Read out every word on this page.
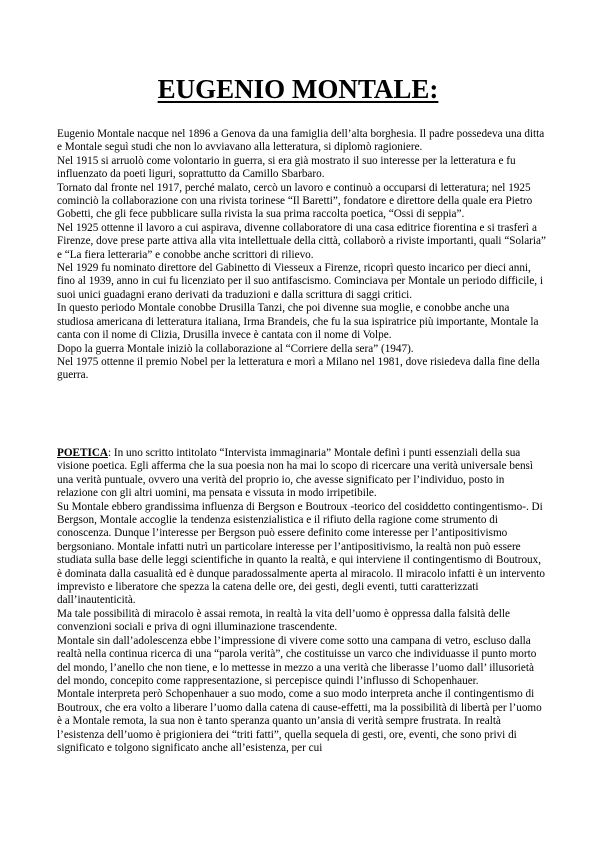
EUGENIO MONTALE:

Eugenio Montale nacque nel 1896 a Genova da una famiglia dell’alta borghesia. Il padre possedeva una ditta e Montale seguì studi che non lo avviavano alla letteratura, si diplomò ragioniere.

Nel 1915 si arruolò come volontario in guerra, si era già mostrato il suo interesse per la letteratura e fu influenzato da poeti liguri, soprattutto da Camillo Sbarbaro.

Tornato dal fronte nel 1917, perché malato, cercò un lavoro e continuò a occuparsi di letteratura; nel 1925 cominciò la collaborazione con una rivista torinese “Il Baretti”, fondatore e direttore della quale era Pietro Gobetti, che gli fece pubblicare sulla rivista la sua prima raccolta poetica, “Ossi di seppia”.

Nel 1925 ottenne il lavoro a cui aspirava, divenne collaboratore di una casa editrice fiorentina e si trasferì a Firenze, dove prese parte attiva alla vita intellettuale della città, collaborò a riviste importanti, quali “Solaria” e “La fiera letteraria” e conobbe anche scrittori di rilievo.

Nel 1929 fu nominato direttore del Gabinetto di Viesseux a Firenze, ricoprì questo incarico per dieci anni, fino al 1939, anno in cui fu licenziato per il suo antifascismo. Cominciava per Montale un periodo difficile, i suoi unici guadagni erano derivati da traduzioni e dalla scrittura di saggi critici.

In questo periodo Montale conobbe Drusilla Tanzi, che poi divenne sua moglie, e conobbe anche una studiosa americana di letteratura italiana, Irma Brandeis, che fu la sua ispiratrice più importante, Montale la canta con il nome di Clizia, Drusilla invece è cantata con il nome di Volpe.

Dopo la guerra Montale iniziò la collaborazione al “Corriere della sera” (1947).

Nel 1975 ottenne il premio Nobel per la letteratura e morì a Milano nel 1981, dove risiedeva dalla fine della guerra.

POETICA: In uno scritto intitolato “Intervista immaginaria” Montale definì i punti essenziali della sua visione poetica. Egli afferma che la sua poesia non ha mai lo scopo di ricercare una verità universale bensì una verità puntuale, ovvero una verità del proprio io, che avesse significato per l’individuo, posto in relazione con gli altri uomini, ma pensata e vissuta in modo irripetibile.

Su Montale ebbero grandissima influenza di Bergson e Boutroux -teorico del cosiddetto contingentismo-. Di Bergson, Montale accoglie la tendenza esistenzialistica e il rifiuto della ragione come strumento di conoscenza. Dunque l’interesse per Bergson può essere definito come interesse per l’antipositivismo bergsoniano. Montale infatti nutrì un particolare interesse per l’antipositivismo, la realtà non può essere studiata sulla base delle leggi scientifiche in quanto la realtà, e qui interviene il contingentismo di Boutroux, è dominata dalla casualità ed è dunque paradossalmente aperta al miracolo. Il miracolo infatti è un intervento imprevisto e liberatore che spezza la catena delle ore, dei gesti, degli eventi, tutti caratterizzati dall’inautenticità.

Ma tale possibilità di miracolo è assai remota, in realtà la vita dell’uomo è oppressa dalla falsità delle convenzioni sociali e priva di ogni illuminazione trascendente.

Montale sin dall’adolescenza ebbe l’impressione di vivere come sotto una campana di vetro, escluso dalla realtà nella continua ricerca di una “parola verità”, che costituisse un varco che individuasse il punto morto del mondo, l’anello che non tiene, e lo mettesse in mezzo a una verità che liberasse l’uomo dall’ illusorietà del mondo, concepito come rappresentazione, si percepisce quindi l’influsso di Schopenhauer.

Montale interpreta però Schopenhauer a suo modo, come a suo modo interpreta anche il contingentismo di Boutroux, che era volto a liberare l’uomo dalla catena di cause-effetti, ma la possibilità di libertà per l’uomo è a Montale remota, la sua non è tanto speranza quanto un’ansia di verità sempre frustrata. In realtà l’esistenza dell’uomo è prigioniera dei “triti fatti”, quella sequela di gesti, ore, eventi, che sono privi di significato e tolgono significato anche all’esistenza, per cui
